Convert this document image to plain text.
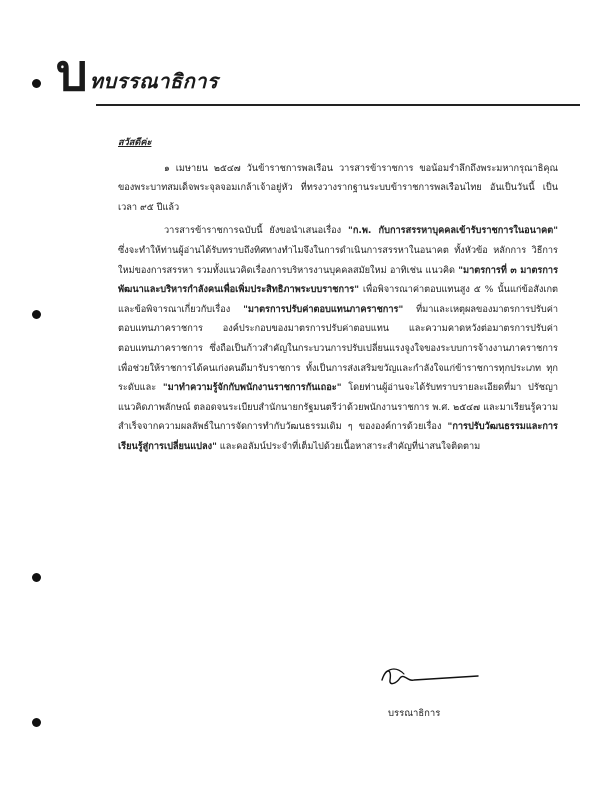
บ ทบรรณาธิการ
สวัสดีค่ะ

๑ เมษายน ๒๕๔๗ วันข้าราชการพลเรือน วารสารข้าราชการ ขอน้อมรำลึกถึงพระมหากรุณาธิคุณของพระบาทสมเด็จพระจุลจอมเกล้าเจ้าอยู่หัว ที่ทรงวางรากฐานระบบข้าราชการพลเรือนไทย อันเป็นวันนี้ เป็นเวลา ๙๕ ปีแล้ว

วารสารข้าราชการฉบับนี้ ยังขอนำเสนอเรื่อง "ก.พ. กับการสรรหาบุคคลเข้ารับราชการในอนาคต" ซึ่งจะทำให้ท่านผู้อ่านได้รับทราบถึงทิศทางทำไมจึงในการดำเนินการสรรหาในอนาคต ทั้งหัวข้อ หลักการ วิธีการใหม่ของการสรรหา รวมทั้งแนวคิดเรื่องการบริหารงานบุคคลสมัยใหม่ อาทิเช่น แนวคิด "มาตรการที่ ๓ มาตรการพัฒนาและบริหารกำลังคนเพื่อเพิ่มประสิทธิภาพระบบราชการ" เพื่อพิจารณาค่าตอบแทนสูง ๕ % นั้นแก่ข้อสังเกตและข้อพิจารณาเกี่ยวกับเรื่อง "มาตรการปรับค่าตอบแทนภาคราชการ" ที่มาและเหตุผลของมาตรการปรับค่าตอบแทนภาคราชการ องค์ประกอบของมาตรการปรับค่าตอบแทน และความคาดหวังต่อมาตรการปรับค่าตอบแทนภาคราชการ ซึ่งถือเป็นก้าวสำคัญในกระบวนการปรับเปลี่ยนแรงจูงใจของระบบการจ้างงานภาคราชการ เพื่อช่วยให้ราชการได้คนเก่งคนดีมารับราชการ ทั้งเป็นการส่งเสริมขวัญและกำลังใจแก่ข้าราชการทุกประเภท ทุกระดับและ "มาทำความรู้จักกับพนักงานราชการกันเถอะ" โดยท่านผู้อ่านจะได้รับทราบรายละเอียดที่มา ปรัชญา แนวคิดภาพลักษณ์ ตลอดจนระเบียบสำนักนายกรัฐมนตรีว่าด้วยพนักงานราชการ พ.ศ. ๒๕๔๗ และมาเรียนรู้ความสำเร็จจากความผลลัพธ์ในการจัดการทำกับวัฒนธรรมเดิม ๆ ขององค์การด้วยเรื่อง "การปรับวัฒนธรรมและการเรียนรู้สู่การเปลี่ยนแปลง" และคอลัมน์ประจำที่เต็มไปด้วยเนื้อหาสาระสำคัญที่น่าสนใจติดตาม

บรรณาธิการ
